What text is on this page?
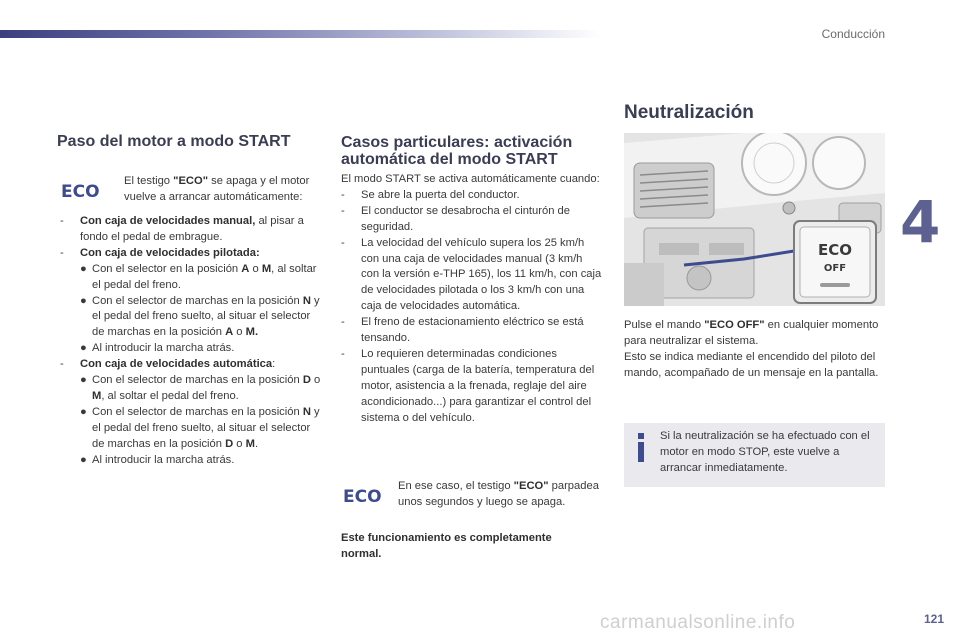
Conducción
4
Paso del motor a modo START
ECO

El testigo "ECO" se apaga y el motor vuelve a arrancar automáticamente:

- Con caja de velocidades manual, al pisar a fondo el pedal de embrague.

- Con caja de velocidades pilotada:

● Con el selector en la posición A o M, al soltar el pedal del freno.

● Con el selector de marchas en la posición N y el pedal del freno suelto, al situar el selector de marchas en la posición A o M.

● Al introducir la marcha atrás.

- Con caja de velocidades automática:

● Con el selector de marchas en la posición D o M, al soltar el pedal del freno.

● Con el selector de marchas en la posición N y el pedal del freno suelto, al situar el selector de marchas en la posición D o M.

● Al introducir la marcha atrás.

Casos particulares: activación
automática del modo START

El modo START se activa automáticamente cuando:

- Se abre la puerta del conductor.

- El conductor se desabrocha el cinturón de seguridad.

- La velocidad del vehículo supera los 25 km/h con una caja de velocidades manual (3 km/h con la versión e-THP 165), los 11 km/h, con caja de velocidades pilotada o los 3 km/h con una caja de velocidades automática.

- El freno de estacionamiento eléctrico se está tensando.

- Lo requieren determinadas condiciones puntuales (carga de la batería, temperatura del motor, asistencia a la frenada, reglaje del aire acondicionado...) para garantizar el control del sistema o del vehículo.

ECO

En ese caso, el testigo "ECO" parpadea unos segundos y luego se apaga.

Este funcionamiento es completamente
normal.

Neutralización
ECO
OFF

Pulse el mando "ECO OFF" en cualquier momento para neutralizar el sistema.

Esto se indica mediante el encendido del piloto del mando, acompañado de un mensaje en la pantalla.

Si la neutralización se ha efectuado con el motor en modo STOP, este vuelve a arrancar inmediatamente.
121
carmanualsonline.info
